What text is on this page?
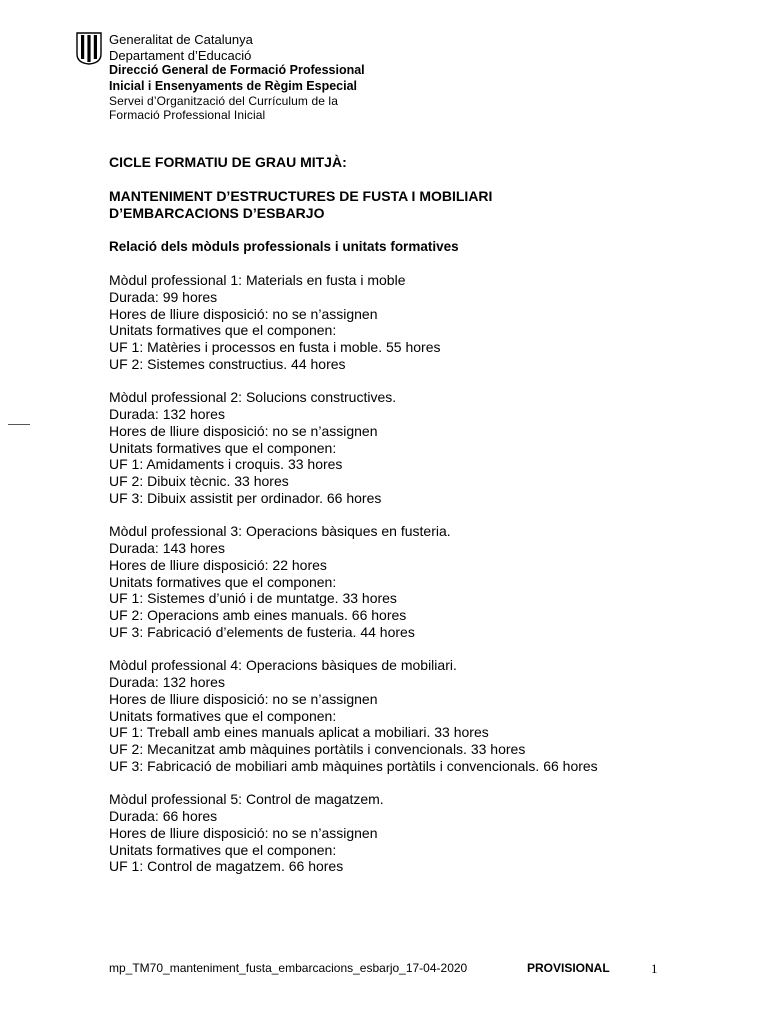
Generalitat de Catalunya
Departament d’Educació
Direcció General de Formació Professional
Inicial i Ensenyaments de Règim Especial
Servei d’Organització del Currículum de la
Formació Professional Inicial
CICLE FORMATIU DE GRAU MITJÀ:
MANTENIMENT D’ESTRUCTURES DE FUSTA I MOBILIARI
D’EMBARCACIONS D’ESBARJO
Relació dels mòduls professionals i unitats formatives
Mòdul professional 1: Materials en fusta i moble
Durada: 99 hores
Hores de lliure disposició: no se n’assignen
Unitats formatives que el componen:
UF 1: Matèries i processos en fusta i moble. 55 hores
UF 2: Sistemes constructius. 44 hores
Mòdul professional 2: Solucions constructives.
Durada: 132 hores
Hores de lliure disposició: no se n’assignen
Unitats formatives que el componen:
UF 1: Amidaments i croquis. 33 hores
UF 2: Dibuix tècnic. 33 hores
UF 3: Dibuix assistit per ordinador. 66 hores
Mòdul professional 3: Operacions bàsiques en fusteria.
Durada: 143 hores
Hores de lliure disposició: 22 hores
Unitats formatives que el componen:
UF 1: Sistemes d’unió i de muntatge. 33 hores
UF 2: Operacions amb eines manuals. 66 hores
UF 3: Fabricació d’elements de fusteria. 44 hores
Mòdul professional 4: Operacions bàsiques de mobiliari.
Durada: 132 hores
Hores de lliure disposició: no se n’assignen
Unitats formatives que el componen:
UF 1: Treball amb eines manuals aplicat a mobiliari. 33 hores
UF 2: Mecanitzat amb màquines portàtils i convencionals. 33 hores
UF 3: Fabricació de mobiliari amb màquines portàtils i convencionals. 66 hores
Mòdul professional 5: Control de magatzem.
Durada: 66 hores
Hores de lliure disposició: no se n’assignen
Unitats formatives que el componen:
UF 1: Control de magatzem. 66 hores
mp_TM70_manteniment_fusta_embarcacions_esbarjo_17-04-2020	PROVISIONAL	1
